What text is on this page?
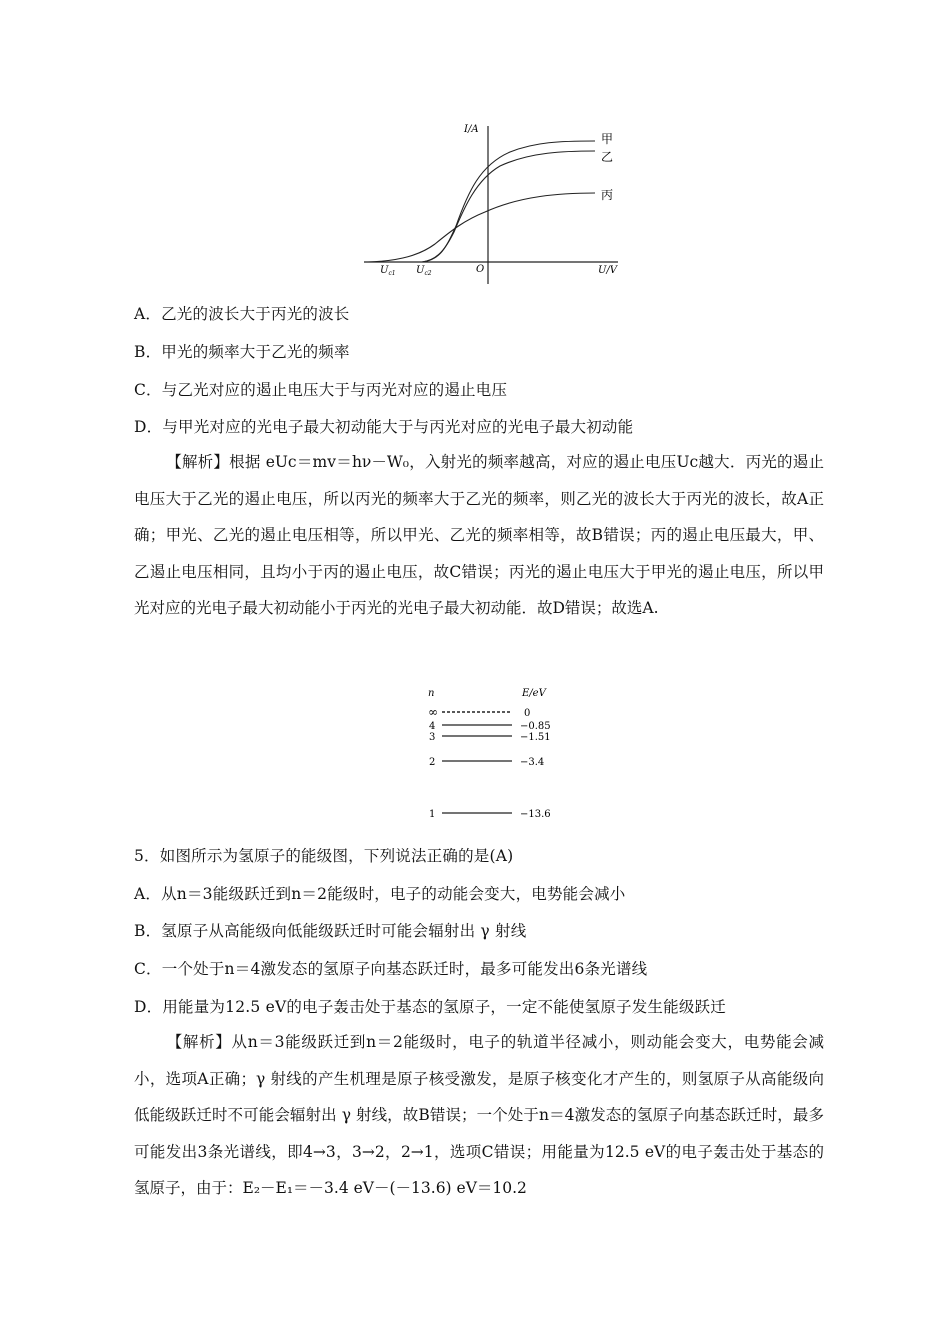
I/A
U/V
O
$U_{c1}$ $U_{c2}$
甲
乙
丙
A．乙光的波长大于丙光的波长
B．甲光的频率大于乙光的频率
C．与乙光对应的遏止电压大于与丙光对应的遏止电压
D．与甲光对应的光电子最大初动能大于与丙光对应的光电子最大初动能
【解析】根据 eUc＝mv＝hν－W₀，入射光的频率越高，对应的遏止电压Uc越大．丙光的遏止电压大于乙光的遏止电压，所以丙光的频率大于乙光的频率，则乙光的波长大于丙光的波长，故A正确；甲光、乙光的遏止电压相等，所以甲光、乙光的频率相等，故B错误；丙的遏止电压最大，甲、乙遏止电压相同，且均小于丙的遏止电压，故C错误；丙光的遏止电压大于甲光的遏止电压，所以甲光对应的光电子最大初动能小于丙光的光电子最大初动能．故D错误；故选A.
n	E/eV
∞	0
4	−0.85
3	−1.51
2	−3.4
1	−13.6
5．如图所示为氢原子的能级图，下列说法正确的是(A)
A．从n＝3能级跃迁到n＝2能级时，电子的动能会变大，电势能会减小
B．氢原子从高能级向低能级跃迁时可能会辐射出 γ 射线
C．一个处于n＝4激发态的氢原子向基态跃迁时，最多可能发出6条光谱线
D．用能量为12.5 eV的电子轰击处于基态的氢原子，一定不能使氢原子发生能级跃迁
【解析】从n＝3能级跃迁到n＝2能级时，电子的轨道半径减小，则动能会变大，电势能会减小，选项A正确；γ 射线的产生机理是原子核受激发，是原子核变化才产生的，则氢原子从高能级向低能级跃迁时不可能会辐射出 γ 射线，故B错误；一个处于n＝4激发态的氢原子向基态跃迁时，最多可能发出3条光谱线，即4→3，3→2，2→1，选项C错误；用能量为12.5 eV的电子轰击处于基态的氢原子，由于：E₂－E₁＝－3.4 eV－(－13.6) eV＝10.2
